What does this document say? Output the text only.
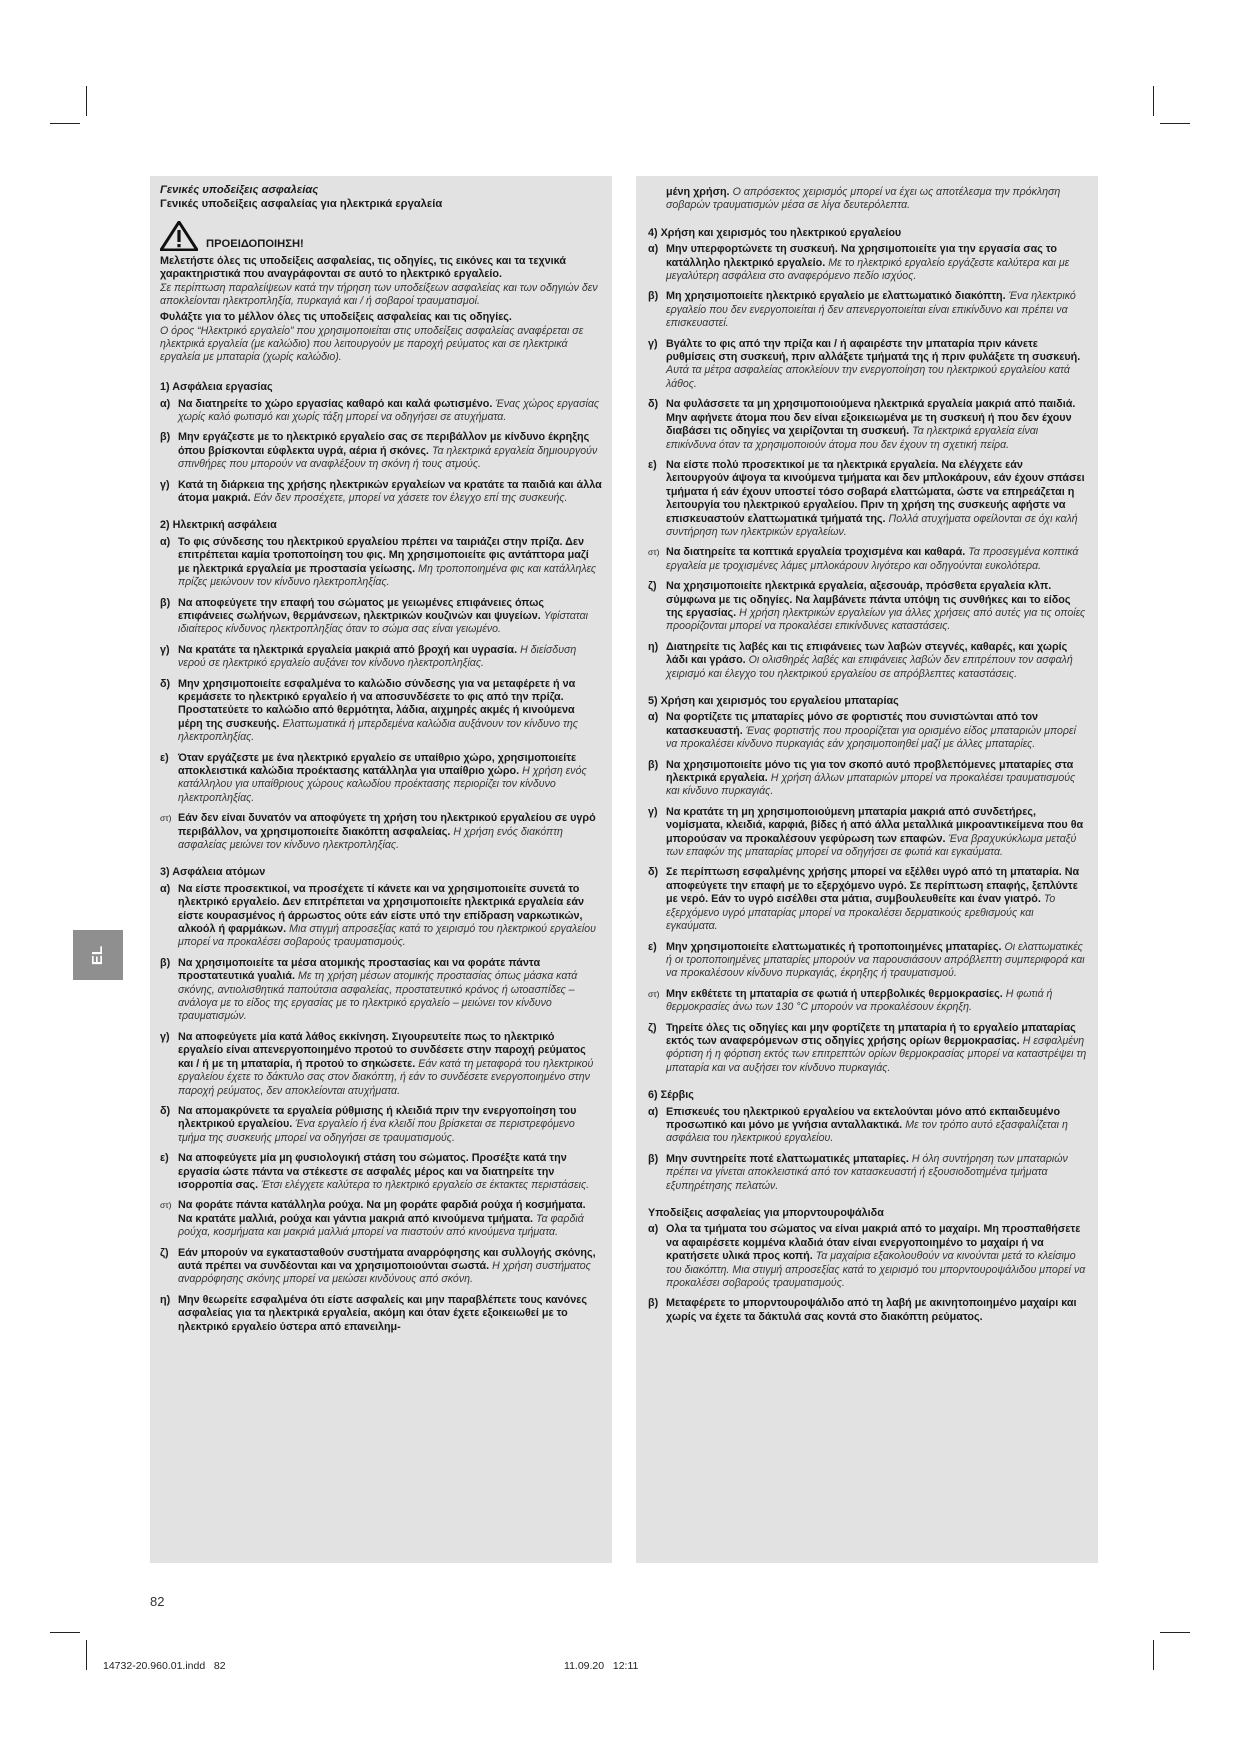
Γενικές υποδείξεις ασφαλείας

Γενικές υποδείξεις ασφαλείας για ηλεκτρικά εργαλεία

ΠΡΟΕΙΔΟΠΟΙΗΣΗ!

Μελετήστε όλες τις υποδείξεις ασφαλείας, τις οδηγίες, τις εικόνες και τα τεχνικά χαρακτηριστικά που αναγράφονται σε αυτό το ηλεκτρικό εργαλείο.

Σε περίπτωση παραλείψεων κατά την τήρηση των υποδείξεων ασφαλείας και των οδηγιών δεν αποκλείονται ηλεκτροπληξία, πυρκαγιά και / ή σοβαροί τραυματισμοί.

Φυλάξτε για το μέλλον όλες τις υποδείξεις ασφαλείας και τις οδηγίες.

Ο όρος “Ηλεκτρικό εργαλείο” που χρησιμοποιείται στις υποδείξεις ασφαλείας αναφέρεται σε ηλεκτρικά εργαλεία (με καλώδιο) που λειτουργούν με παροχή ρεύματος και σε ηλεκτρικά εργαλεία με μπαταρία (χωρίς καλώδιο).

1) Ασφάλεια εργασίας

α) Να διατηρείτε το χώρο εργασίας καθαρό και καλά φωτισμένο. Ένας χώρος εργασίας χωρίς καλό φωτισμό και χωρίς τάξη μπορεί να οδηγήσει σε ατυχήματα.
β) Μην εργάζεστε με το ηλεκτρικό εργαλείο σας σε περιβάλλον με κίνδυνο έκρηξης όπου βρίσκονται εύφλεκτα υγρά, αέρια ή σκόνες. Τα ηλεκτρικά εργαλεία δημιουργούν σπινθήρες που μπορούν να αναφλέξουν τη σκόνη ή τους ατμούς.
γ) Κατά τη διάρκεια της χρήσης ηλεκτρικών εργαλείων να κρατάτε τα παιδιά και άλλα άτομα μακριά. Εάν δεν προσέχετε, μπορεί να χάσετε τον έλεγχο επί της συσκευής.

2) Ηλεκτρική ασφάλεια

α) Το φις σύνδεσης του ηλεκτρικού εργαλείου πρέπει να ταιριάζει στην πρίζα. Δεν επιτρέπεται καμία τροποποίηση του φις. Μη χρησιμοποιείτε φις αντάπτορα μαζί με ηλεκτρικά εργαλεία με προστασία γείωσης. Μη τροποποιημένα φις και κατάλληλες πρίζες μειώνουν τον κίνδυνο ηλεκτροπληξίας.
β) Να αποφεύγετε την επαφή του σώματος με γειωμένες επιφάνειες όπως επιφάνειες σωλήνων, θερμάνσεων, ηλεκτρικών κουζινών και ψυγείων. Υφίσταται ιδιαίτερος κίνδυνος ηλεκτροπληξίας όταν το σώμα σας είναι γειωμένο.
γ) Να κρατάτε τα ηλεκτρικά εργαλεία μακριά από βροχή και υγρασία. Η διείσδυση νερού σε ηλεκτρικό εργαλείο αυξάνει τον κίνδυνο ηλεκτροπληξίας.
δ) Μην χρησιμοποιείτε εσφαλμένα το καλώδιο σύνδεσης για να μεταφέρετε ή να κρεμάσετε το ηλεκτρικό εργαλείο ή να αποσυνδέσετε το φις από την πρίζα. Προστατεύετε το καλώδιο από θερμότητα, λάδια, αιχμηρές ακμές ή κινούμενα μέρη της συσκευής. Ελαττωματικά ή μπερδεμένα καλώδια αυξάνουν τον κίνδυνο της ηλεκτροπληξίας.
ε) Όταν εργάζεστε με ένα ηλεκτρικό εργαλείο σε υπαίθριο χώρο, χρησιμοποιείτε αποκλειστικά καλώδια προέκτασης κατάλληλα για υπαίθριο χώρο. Η χρήση ενός κατάλληλου για υπαίθριους χώρους καλωδίου προέκτασης περιορίζει τον κίνδυνο ηλεκτροπληξίας.
στ) Εάν δεν είναι δυνατόν να αποφύγετε τη χρήση του ηλεκτρικού εργαλείου σε υγρό περιβάλλον, να χρησιμοποιείτε διακόπτη ασφαλείας. Η χρήση ενός διακόπτη ασφαλείας μειώνει τον κίνδυνο ηλεκτροπληξίας.

3) Ασφάλεια ατόμων

α) Να είστε προσεκτικοί, να προσέχετε τί κάνετε και να χρησιμοποιείτε συνετά το ηλεκτρικό εργαλείο. Δεν επιτρέπεται να χρησιμοποιείτε ηλεκτρικά εργαλεία εάν είστε κουρασμένος ή άρρωστος ούτε εάν είστε υπό την επίδραση ναρκωτικών, αλκοόλ ή φαρμάκων. Μια στιγμή απροσεξίας κατά το χειρισμό του ηλεκτρικού εργαλείου μπορεί να προκαλέσει σοβαρούς τραυματισμούς.
β) Να χρησιμοποιείτε τα μέσα ατομικής προστασίας και να φοράτε πάντα προστατευτικά γυαλιά. Με τη χρήση μέσων ατομικής προστασίας όπως μάσκα κατά σκόνης, αντιολισθητικά παπούτσια ασφαλείας, προστατευτικό κράνος ή ωτοασπίδες – ανάλογα με το είδος της εργασίας με το ηλεκτρικό εργαλείο – μειώνει τον κίνδυνο τραυματισμών.
γ) Να αποφεύγετε μία κατά λάθος εκκίνηση. Σιγουρευτείτε πως το ηλεκτρικό εργαλείο είναι απενεργοποιημένο προτού το συνδέσετε στην παροχή ρεύματος και / ή με τη μπαταρία, ή προτού το σηκώσετε. Εάν κατά τη μεταφορά του ηλεκτρικού εργαλείου έχετε το δάκτυλο σας στον διακόπτη, ή εάν το συνδέσετε ενεργοποιημένο στην παροχή ρεύματος, δεν αποκλείονται ατυχήματα.
δ) Να απομακρύνετε τα εργαλεία ρύθμισης ή κλειδιά πριν την ενεργοποίηση του ηλεκτρικού εργαλείου. Ένα εργαλείο ή ένα κλειδί που βρίσκεται σε περιστρεφόμενο τμήμα της συσκευής μπορεί να οδηγήσει σε τραυματισμούς.
ε) Να αποφεύγετε μία μη φυσιολογική στάση του σώματος. Προσέξτε κατά την εργασία ώστε πάντα να στέκεστε σε ασφαλές μέρος και να διατηρείτε την ισορροπία σας. Έτσι ελέγχετε καλύτερα το ηλεκτρικό εργαλείο σε έκτακτες περιστάσεις.
στ) Να φοράτε πάντα κατάλληλα ρούχα. Να μη φοράτε φαρδιά ρούχα ή κοσμήματα. Να κρατάτε μαλλιά, ρούχα και γάντια μακριά από κινούμενα τμήματα. Τα φαρδιά ρούχα, κοσμήματα και μακριά μαλλιά μπορεί να πιαστούν από κινούμενα τμήματα.
ζ) Εάν μπορούν να εγκατασταθούν συστήματα αναρρόφησης και συλλογής σκόνης, αυτά πρέπει να συνδέονται και να χρησιμοποιούνται σωστά. Η χρήση συστήματος αναρρόφησης σκόνης μπορεί να μειώσει κινδύνους από σκόνη.
η) Μην θεωρείτε εσφαλμένα ότι είστε ασφαλείς και μην παραβλέπετε τους κανόνες ασφαλείας για τα ηλεκτρικά εργαλεία, ακόμη και όταν έχετε εξοικειωθεί με το ηλεκτρικό εργαλείο ύστερα από επανειλημ-
μένη χρήση. Ο απρόσεκτος χειρισμός μπορεί να έχει ως αποτέλεσμα την πρόκληση σοβαρών τραυματισμών μέσα σε λίγα δευτερόλεπτα.

4) Χρήση και χειρισμός του ηλεκτρικού εργαλείου

α) Μην υπερφορτώνετε τη συσκευή. Να χρησιμοποιείτε για την εργασία σας το κατάλληλο ηλεκτρικό εργαλείο. Με το ηλεκτρικό εργαλείο εργάζεστε καλύτερα και με μεγαλύτερη ασφάλεια στο αναφερόμενο πεδίο ισχύος.
β) Μη χρησιμοποιείτε ηλεκτρικό εργαλείο με ελαττωματικό διακόπτη. Ένα ηλεκτρικό εργαλείο που δεν ενεργοποιείται ή δεν απενεργοποιείται είναι επικίνδυνο και πρέπει να επισκευαστεί.
γ) Βγάλτε το φις από την πρίζα και / ή αφαιρέστε την μπαταρία πριν κάνετε ρυθμίσεις στη συσκευή, πριν αλλάξετε τμήματά της ή πριν φυλάξετε τη συσκευή. Αυτά τα μέτρα ασφαλείας αποκλείουν την ενεργοποίηση του ηλεκτρικού εργαλείου κατά λάθος.
δ) Να φυλάσσετε τα μη χρησιμοποιούμενα ηλεκτρικά εργαλεία μακριά από παιδιά. Μην αφήνετε άτομα που δεν είναι εξοικειωμένα με τη συσκευή ή που δεν έχουν διαβάσει τις οδηγίες να χειρίζονται τη συσκευή. Τα ηλεκτρικά εργαλεία είναι επικίνδυνα όταν τα χρησιμοποιούν άτομα που δεν έχουν τη σχετική πείρα.
ε) Να είστε πολύ προσεκτικοί με τα ηλεκτρικά εργαλεία. Να ελέγχετε εάν λειτουργούν άψογα τα κινούμενα τμήματα και δεν μπλοκάρουν, εάν έχουν σπάσει τμήματα ή εάν έχουν υποστεί τόσο σοβαρά ελαττώματα, ώστε να επηρεάζεται η λειτουργία του ηλεκτρικού εργαλείου. Πριν τη χρήση της συσκευής αφήστε να επισκευαστούν ελαττωματικά τμήματά της. Πολλά ατυχήματα οφείλονται σε όχι καλή συντήρηση των ηλεκτρικών εργαλείων.
στ) Να διατηρείτε τα κοπτικά εργαλεία τροχισμένα και καθαρά. Τα προσεγμένα κοπτικά εργαλεία με τροχισμένες λάμες μπλοκάρουν λιγότερο και οδηγούνται ευκολότερα.
ζ) Να χρησιμοποιείτε ηλεκτρικά εργαλεία, αξεσουάρ, πρόσθετα εργαλεία κλπ. σύμφωνα με τις οδηγίες. Να λαμβάνετε πάντα υπόψη τις συνθήκες και το είδος της εργασίας. Η χρήση ηλεκτρικών εργαλείων για άλλες χρήσεις από αυτές για τις οποίες προορίζονται μπορεί να προκαλέσει επικίνδυνες καταστάσεις.
η) Διατηρείτε τις λαβές και τις επιφάνειες των λαβών στεγνές, καθαρές, και χωρίς λάδι και γράσο. Οι ολισθηρές λαβές και επιφάνειες λαβών δεν επιτρέπουν τον ασφαλή χειρισμό και έλεγχο του ηλεκτρικού εργαλείου σε απρόβλεπτες καταστάσεις.

5) Χρήση και χειρισμός του εργαλείου μπαταρίας

α) Να φορτίζετε τις μπαταρίες μόνο σε φορτιστές που συνιστώνται από τον κατασκευαστή. Ένας φορτιστής που προορίζεται για ορισμένο είδος μπαταριών μπορεί να προκαλέσει κίνδυνο πυρκαγιάς εάν χρησιμοποιηθεί μαζί με άλλες μπαταρίες.
β) Να χρησιμοποιείτε μόνο τις για τον σκοπό αυτό προβλεπόμενες μπαταρίες στα ηλεκτρικά εργαλεία. Η χρήση άλλων μπαταριών μπορεί να προκαλέσει τραυματισμούς και κίνδυνο πυρκαγιάς.
γ) Να κρατάτε τη μη χρησιμοποιούμενη μπαταρία μακριά από συνδετήρες, νομίσματα, κλειδιά, καρφιά, βίδες ή από άλλα μεταλλικά μικροαντικείμενα που θα μπορούσαν να προκαλέσουν γεφύρωση των επαφών. Ένα βραχυκύκλωμα μεταξύ των επαφών της μπαταρίας μπορεί να οδηγήσει σε φωτιά και εγκαύματα.
δ) Σε περίπτωση εσφαλμένης χρήσης μπορεί να εξέλθει υγρό από τη μπαταρία. Να αποφεύγετε την επαφή με το εξερχόμενο υγρό. Σε περίπτωση επαφής, ξεπλύντε με νερό. Εάν το υγρό εισέλθει στα μάτια, συμβουλευθείτε και έναν γιατρό. Το εξερχόμενο υγρό μπαταρίας μπορεί να προκαλέσει δερματικούς ερεθισμούς και εγκαύματα.
ε) Μην χρησιμοποιείτε ελαττωματικές ή τροποποιημένες μπαταρίες. Οι ελαττωματικές ή οι τροποποιημένες μπαταρίες μπορούν να παρουσιάσουν απρόβλεπτη συμπεριφορά και να προκαλέσουν κίνδυνο πυρκαγιάς, έκρηξης ή τραυματισμού.
στ) Μην εκθέτετε τη μπαταρία σε φωτιά ή υπερβολικές θερμοκρασίες. Η φωτιά ή θερμοκρασίες άνω των 130 °C μπορούν να προκαλέσουν έκρηξη.
ζ) Τηρείτε όλες τις οδηγίες και μην φορτίζετε τη μπαταρία ή το εργαλείο μπαταρίας εκτός των αναφερόμενων στις οδηγίες χρήσης ορίων θερμοκρασίας. Η εσφαλμένη φόρτιση ή η φόρτιση εκτός των επιτρεπτών ορίων θερμοκρασίας μπορεί να καταστρέψει τη μπαταρία και να αυξήσει τον κίνδυνο πυρκαγιάς.

6) Σέρβις

α) Επισκευές του ηλεκτρικού εργαλείου να εκτελούνται μόνο από εκπαιδευμένο προσωπικό και μόνο με γνήσια ανταλλακτικά. Με τον τρόπο αυτό εξασφαλίζεται η ασφάλεια του ηλεκτρικού εργαλείου.
β) Μην συντηρείτε ποτέ ελαττωματικές μπαταρίες. Η όλη συντήρηση των μπαταριών πρέπει να γίνεται αποκλειστικά από τον κατασκευαστή ή εξουσιοδοτημένα τμήματα εξυπηρέτησης πελατών.

Υποδείξεις ασφαλείας για μπορντουροψάλιδα

α) Ολα τα τμήματα του σώματος να είναι μακριά από το μαχαίρι. Μη προσπαθήσετε να αφαιρέσετε κομμένα κλαδιά όταν είναι ενεργοποιημένο το μαχαίρι ή να κρατήσετε υλικά προς κοπή. Τα μαχαίρια εξακολουθούν να κινούνται μετά το κλείσιμο του διακόπτη. Μια στιγμή απροσεξίας κατά το χειρισμό του μπορντουροψάλιδου μπορεί να προκαλέσει σοβαρούς τραυματισμούς.
β) Μεταφέρετε το μπορντουροψάλιδο από τη λαβή με ακινητοποιημένο μαχαίρι και χωρίς να έχετε τα δάκτυλά σας κοντά στο διακόπτη ρεύματος.
EL
82
14732-20.960.01.indd   82                                                                                                                    11.09.20   12:11
